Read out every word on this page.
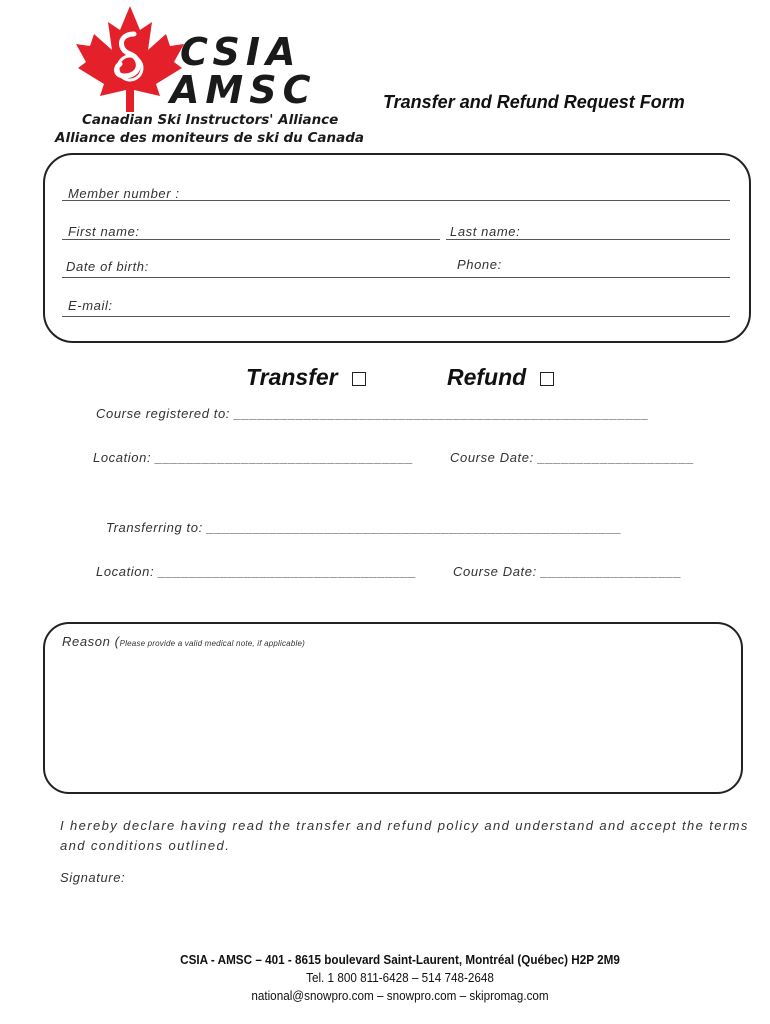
CSIA
AMSC
Canadian Ski Instructors' Alliance
Alliance des moniteurs de ski du Canada
Transfer and Refund Request Form
Member number :
First name:	Last name:
Date of birth:	Phone:
E-mail:
Transfer	Refund
Course registered to: _____________________________________________________
Location: _________________________________	Course Date: ____________________
Transferring to: _____________________________________________________
Location: _________________________________	Course Date: __________________
Reason (Please provide a valid medical note, if applicable)
I hereby declare having read the transfer and refund policy and understand and accept the terms and conditions outlined.
Signature:
CSIA - AMSC – 401 - 8615 boulevard Saint-Laurent, Montréal (Québec) H2P 2M9
Tel. 1 800 811-6428 – 514 748-2648
national@snowpro.com – snowpro.com – skipromag.com
